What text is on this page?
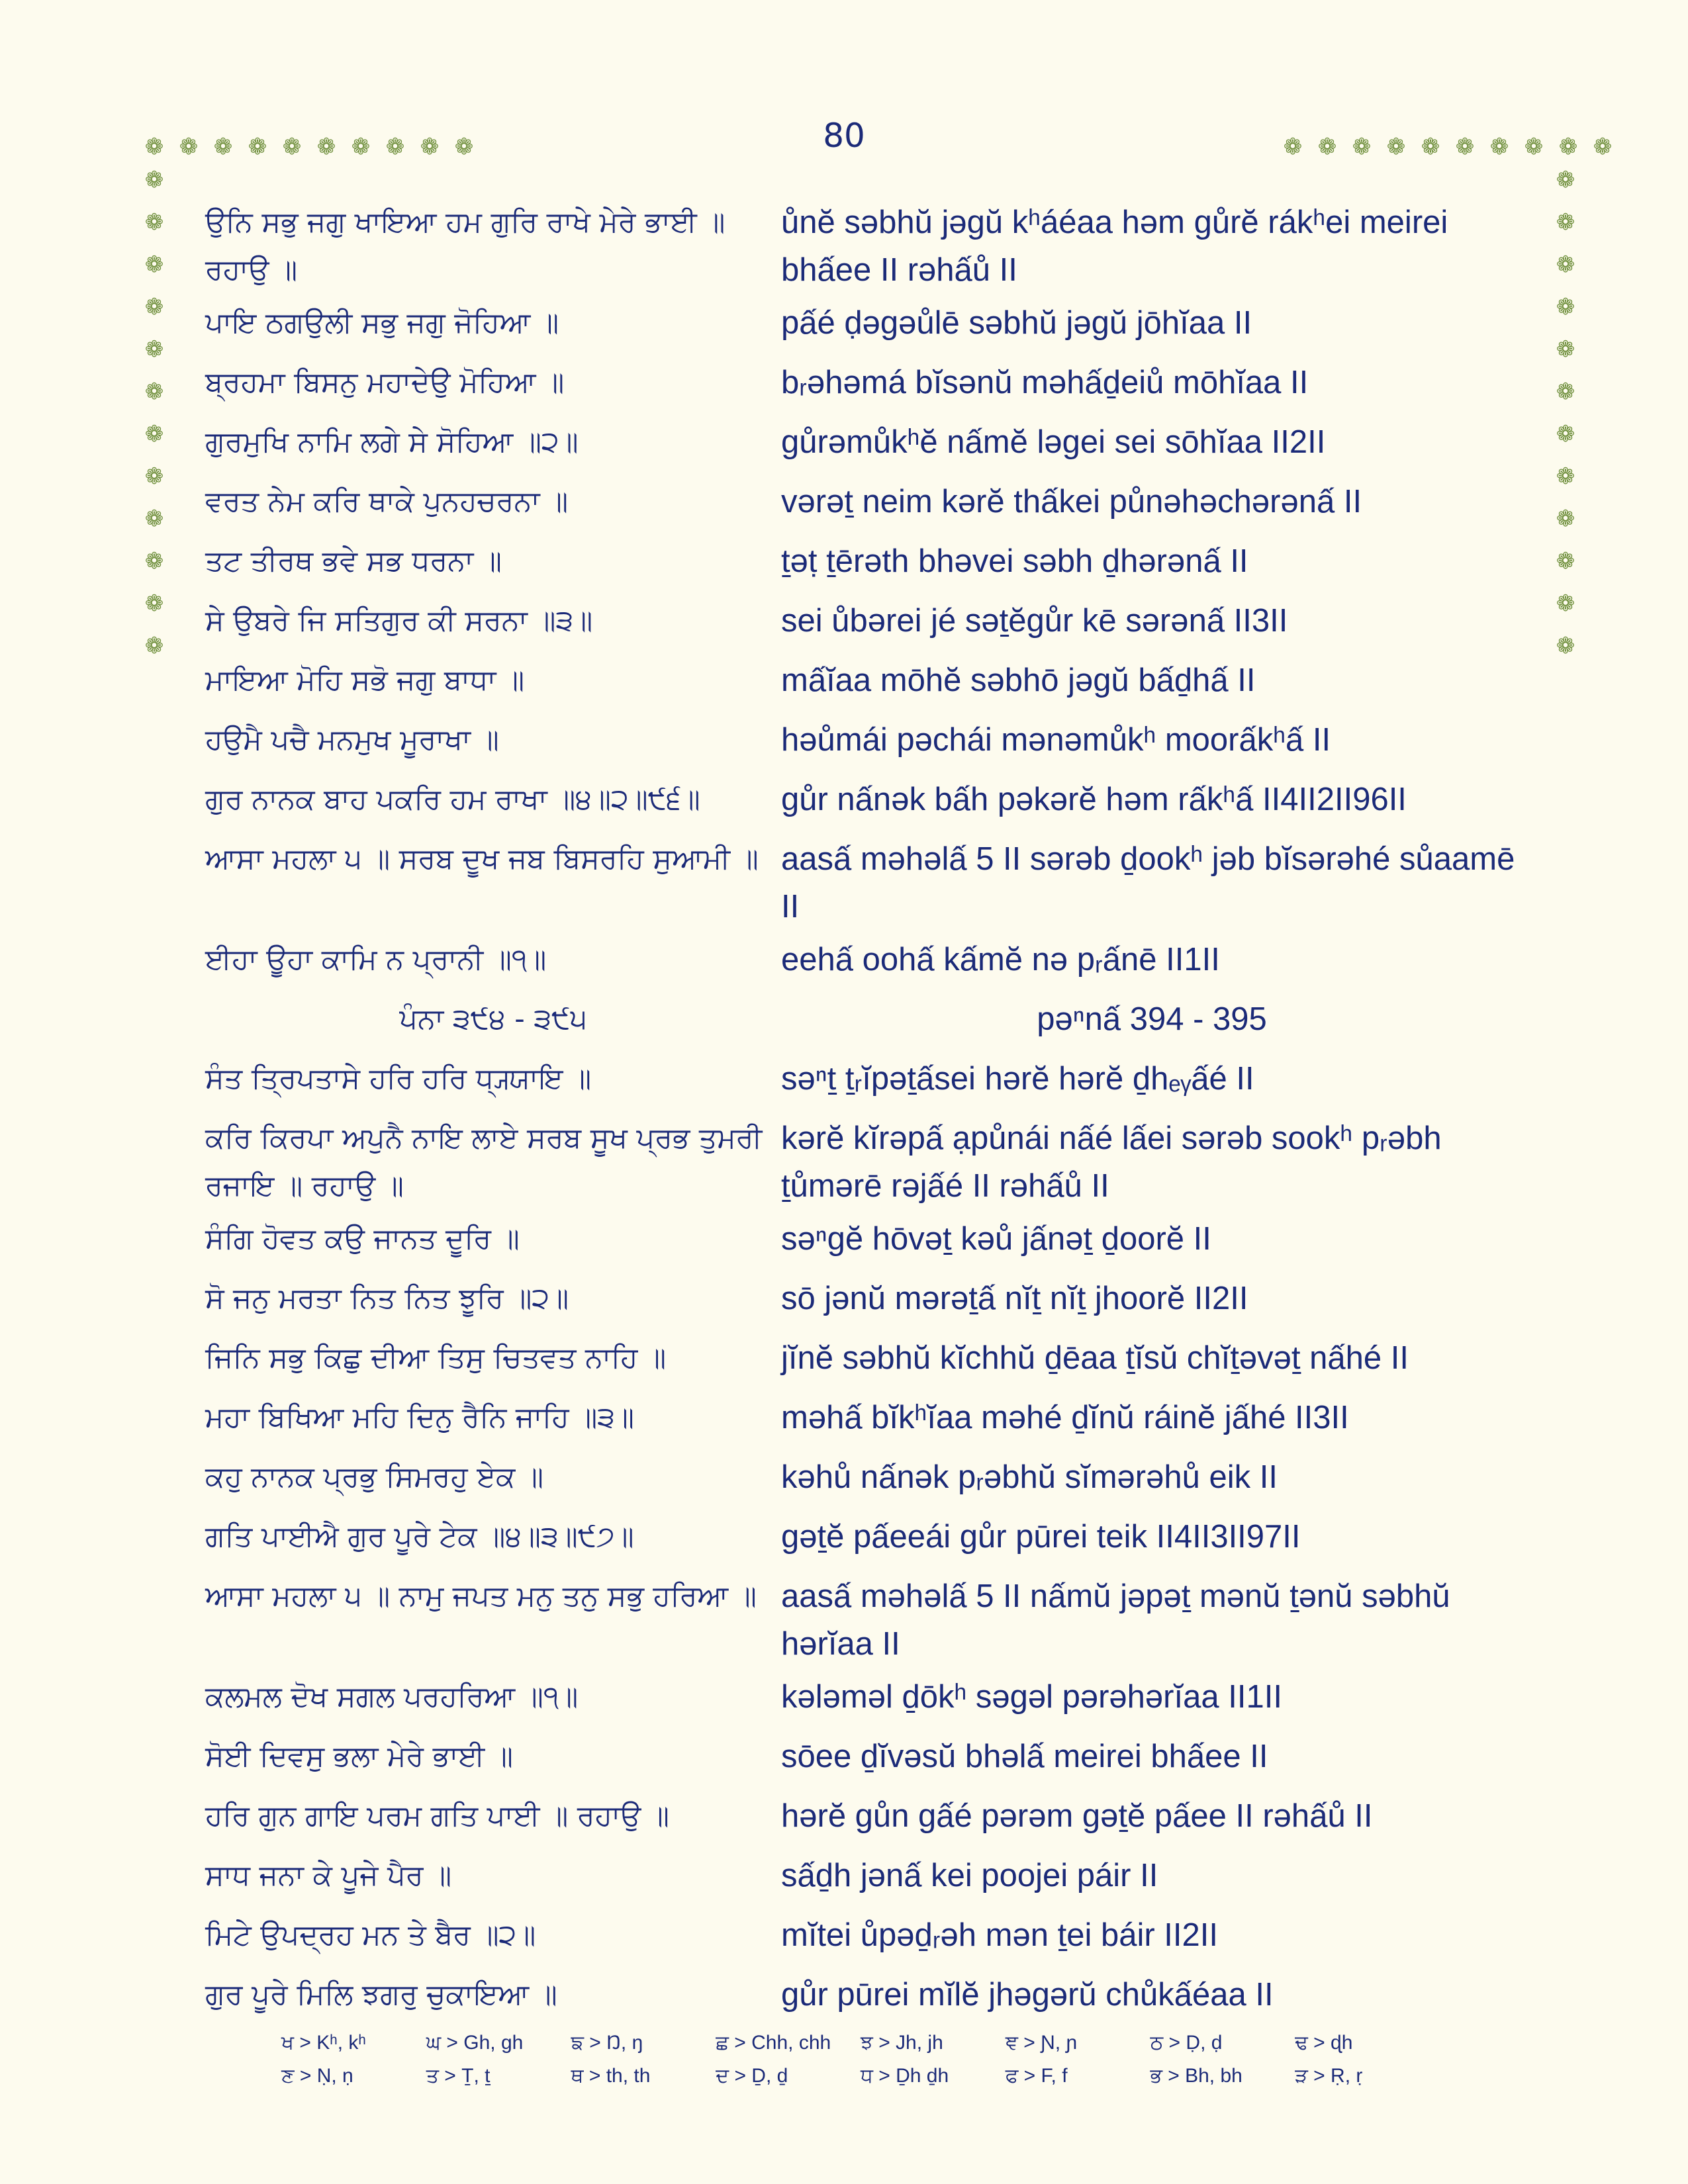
80
❁ ❁ ❁ ❁ ❁ ❁ ❁ ❁ ❁ ❁	❁ ❁ ❁ ❁ ❁ ❁ ❁ ❁ ❁ ❁
❁
❁
❁
❁
❁
❁
❁
❁
❁
❁
❁
❁
❁
❁
❁
❁
❁
❁
❁
❁
❁
❁
❁
❁
ਉਨਿ ਸਭੁ ਜਗੁ ਖਾਇਆ ਹਮ ਗੁਰਿ ਰਾਖੇ ਮੇਰੇ ਭਾਈ ॥ ਰਹਾਉ ॥
ůnĕ səbhŭ jəgŭ kʰáéaa həm gůrĕ rákʰei meirei bhấee II rəhấů II
ਪਾਇ ਠਗਉਲੀ ਸਭੁ ਜਗੁ ਜੋਹਿਆ ॥	pấé ḍəgəůlē səbhŭ jəgŭ jōhĭaa II
ਬ੍ਰਹਮਾ ਬਿਸਨੁ ਮਹਾਦੇਉ ਮੋਹਿਆ ॥	bᵣəhəmá bĭsənŭ məhấḏeiů mōhĭaa II
ਗੁਰਮੁਖਿ ਨਾਮਿ ਲਗੇ ਸੇ ਸੋਹਿਆ ॥੨॥	gůrəmůkʰĕ nấmĕ ləgei sei sōhĭaa II2II
ਵਰਤ ਨੇਮ ਕਰਿ ਥਾਕੇ ਪੁਨਹਚਰਨਾ ॥	vərəṯ neim kərĕ thấkei půnəhəchərənấ II
ਤਟ ਤੀਰਥ ਭਵੇ ਸਭ ਧਰਨਾ ॥	ṯəṭ ṯērəth bhəvei səbh ḏhərənấ II
ਸੇ ਉਬਰੇ ਜਿ ਸਤਿਗੁਰ ਕੀ ਸਰਨਾ ॥੩॥	sei ůbərei jé səṯĕgůr kē sərənấ II3II
ਮਾਇਆ ਮੋਹਿ ਸਭੋ ਜਗੁ ਬਾਧਾ ॥	mấĭaa mōhĕ səbhō jəgŭ bấḏhấ II
ਹਉਮੈ ਪਚੈ ਮਨਮੁਖ ਮੂਰਾਖਾ ॥	həůmái pəchái mənəmůkʰ moorấkʰấ II
ਗੁਰ ਨਾਨਕ ਬਾਹ ਪਕਰਿ ਹਮ ਰਾਖਾ ॥੪॥੨॥੯੬॥	gůr nấnək bấh pəkərĕ həm rấkʰấ II4II2II96II
ਆਸਾ ਮਹਲਾ ੫ ॥ ਸਰਬ ਦੂਖ ਜਬ ਬਿਸਰਹਿ ਸੁਆਮੀ ॥ aasấ məhəlấ 5 II sərəb ḏookʰ jəb bĭsərəhé sůaamē II
ਈਹਾ ਊਹਾ ਕਾਮਿ ਨ ਪ੍ਰਾਨੀ ॥੧॥	eehấ oohấ kấmĕ nə pᵣấnē II1II
ਪੰਨਾ ੩੯੪ - ੩੯੫	pəⁿnấ 394 - 395
ਸੰਤ ਤ੍ਰਿਪਤਾਸੇ ਹਰਿ ਹਰਿ ਧ੍ਯ੍ਯਾਇ ॥	səⁿṯ ṯᵣĭpəṯấsei hərĕ hərĕ ḏhₑᵧấé II
ਕਰਿ ਕਿਰਪਾ ਅਪੁਨੈ ਨਾਇ ਲਾਏ ਸਰਬ ਸੂਖ ਪ੍ਰਭ ਤੁਮਰੀ ਰਜਾਇ ॥ ਰਹਾਉ ॥
kərĕ kĭrəpấ ạpůnái nấé lấei sərəb sookʰ pᵣəbh ṯůmərē rəjấé II rəhấů II
ਸੰਗਿ ਹੋਵਤ ਕਉ ਜਾਨਤ ਦੂਰਿ ॥	səⁿgĕ hōvəṯ kəů jấnəṯ ḏoorĕ II
ਸੋ ਜਨੁ ਮਰਤਾ ਨਿਤ ਨਿਤ ਝੂਰਿ ॥੨॥	sō jənŭ mərəṯấ nĭṯ nĭṯ jhoorĕ II2II
ਜਿਨਿ ਸਭੁ ਕਿਛੁ ਦੀਆ ਤਿਸੁ ਚਿਤਵਤ ਨਾਹਿ ॥	jĭnĕ səbhŭ kĭchhŭ ḏēaa ṯĭsŭ chĭṯəvəṯ nấhé II
ਮਹਾ ਬਿਖਿਆ ਮਹਿ ਦਿਨੁ ਰੈਨਿ ਜਾਹਿ ॥੩॥	məhấ bĭkʰĭaa məhé ḏĭnŭ ráinĕ jấhé II3II
ਕਹੁ ਨਾਨਕ ਪ੍ਰਭੁ ਸਿਮਰਹੁ ਏਕ ॥	kəhů nấnək pᵣəbhŭ sĭmərəhů eik II
ਗਤਿ ਪਾਈਐ ਗੁਰ ਪੂਰੇ ਟੇਕ ॥੪॥੩॥੯੭॥	gəṯĕ pấeeái gůr pūrei teik II4II3II97II
ਆਸਾ ਮਹਲਾ ੫ ॥ ਨਾਮੁ ਜਪਤ ਮਨੁ ਤਨੁ ਸਭੁ ਹਰਿਆ ॥ aasấ məhəlấ 5 II nấmŭ jəpəṯ mənŭ ṯənŭ səbhŭ hərĭaa II
ਕਲਮਲ ਦੋਖ ਸਗਲ ਪਰਹਰਿਆ ॥੧॥	kələməl ḏōkʰ səgəl pərəhərĭaa II1II
ਸੋਈ ਦਿਵਸੁ ਭਲਾ ਮੇਰੇ ਭਾਈ ॥	sōee ḏĭvəsŭ bhəlấ meirei bhấee II
ਹਰਿ ਗੁਨ ਗਾਇ ਪਰਮ ਗਤਿ ਪਾਈ ॥ ਰਹਾਉ ॥	hərĕ gůn gấé pərəm gəṯĕ pấee II rəhấů II
ਸਾਧ ਜਨਾ ਕੇ ਪੂਜੇ ਪੈਰ ॥	sấḏh jənấ kei poojei páir II
ਮਿਟੇ ਉਪਦ੍ਰਹ ਮਨ ਤੇ ਬੈਰ ॥੨॥	mĭtei ůpəḏᵣəh mən ṯei báir II2II
ਗੁਰ ਪੂਰੇ ਮਿਲਿ ਝਗਰੁ ਚੁਕਾਇਆ ॥	gůr pūrei mĭlĕ jhəgərŭ chůkấéaa II
ਖ > Kʰ, kʰ	ਘ > Gh, gh	ਙ > Ŋ, ŋ	ਛ > Chh, chh	ਝ > Jh, jh	ਞ > Ɲ, ɲ	ਠ > Ḍ, ḍ	ਢ > ɖh
ਣ > Ṇ, ṇ	ਤ > Ṯ, ṯ	ਥ > th, th	ਦ > Ḏ, ḏ	ਧ > Ḏh ḏh	ਫ > F, f	ਭ > Bh, bh	ੜ > Ṛ, ṛ
